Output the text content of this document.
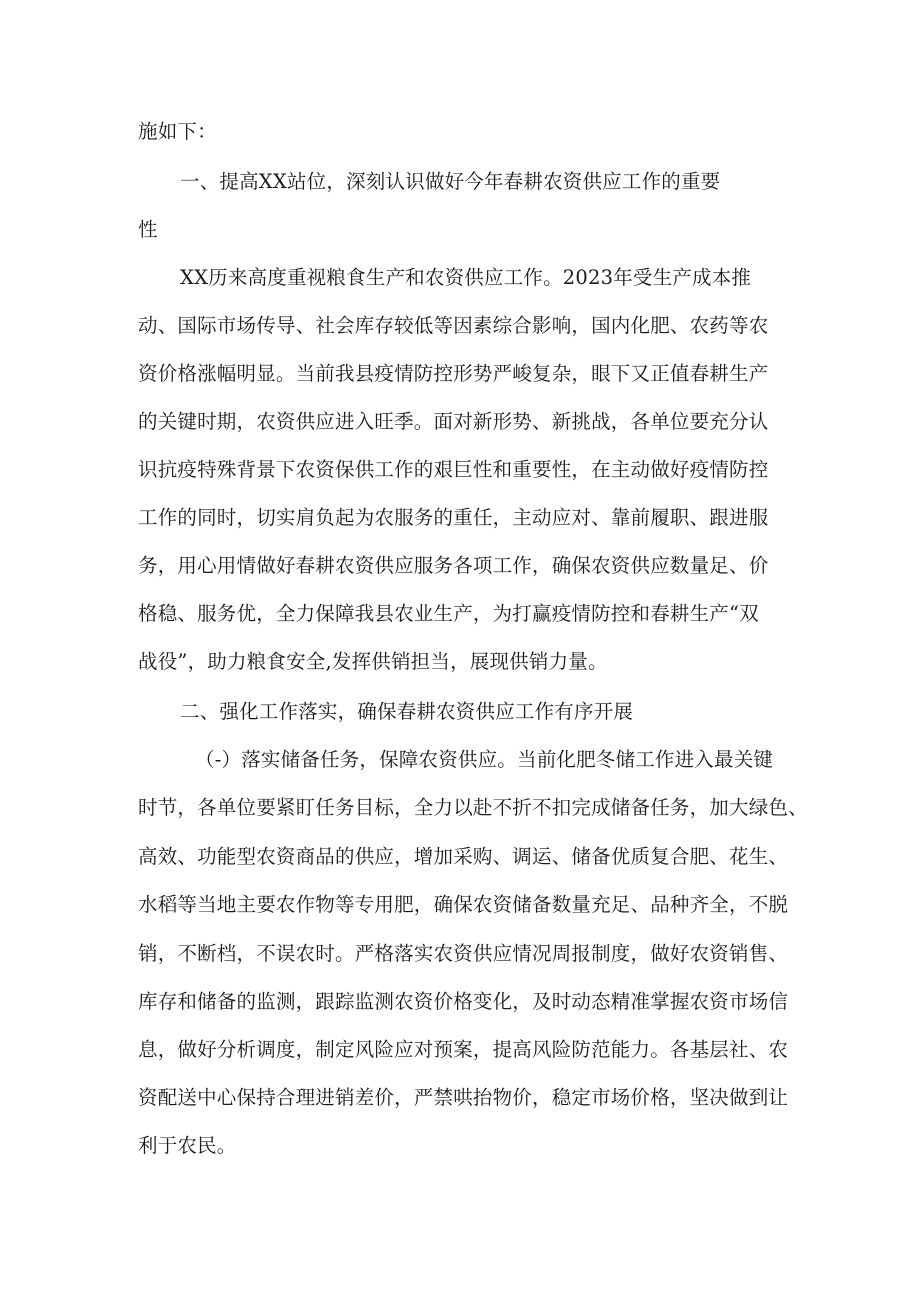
施如下：
一、提高XX站位，深刻认识做好今年春耕农资供应工作的重要
性
XX历来高度重视粮食生产和农资供应工作。2023年受生产成本推
动、国际市场传导、社会库存较低等因素综合影响，国内化肥、农药等农
资价格涨幅明显。当前我县疫情防控形势严峻复杂，眼下又正值春耕生产
的关键时期，农资供应进入旺季。面对新形势、新挑战，各单位要充分认
识抗疫特殊背景下农资保供工作的艰巨性和重要性，在主动做好疫情防控
工作的同时，切实肩负起为农服务的重任，主动应对、靠前履职、跟进服
务，用心用情做好春耕农资供应服务各项工作，确保农资供应数量足、价
格稳、服务优，全力保障我县农业生产，为打赢疫情防控和春耕生产“双
战役”，助力粮食安全,发挥供销担当，展现供销力量。
二、强化工作落实，确保春耕农资供应工作有序开展
（-）落实储备任务，保障农资供应。当前化肥冬储工作进入最关键
时节，各单位要紧盯任务目标，全力以赴不折不扣完成储备任务，加大绿色、
高效、功能型农资商品的供应，增加采购、调运、储备优质复合肥、花生、
水稻等当地主要农作物等专用肥，确保农资储备数量充足、品种齐全，不脱
销，不断档，不误农时。严格落实农资供应情况周报制度，做好农资销售、
库存和储备的监测，跟踪监测农资价格变化，及时动态精准掌握农资市场信
息，做好分析调度，制定风险应对预案，提高风险防范能力。各基层社、农
资配送中心保持合理进销差价，严禁哄抬物价，稳定市场价格，坚决做到让
利于农民。
